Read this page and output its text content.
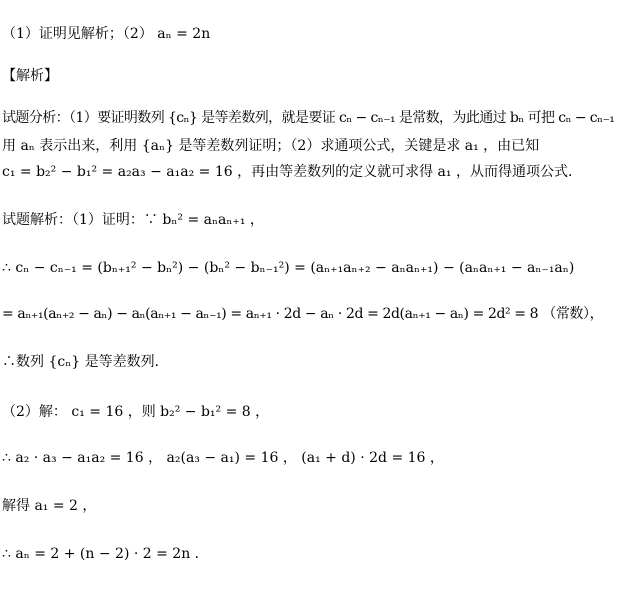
（1）证明见解析；（2） aₙ = 2n
【解析】
试题分析：（1）要证明数列 {cₙ} 是等差数列，就是要证 cₙ − cₙ₋₁ 是常数，为此通过 bₙ 可把 cₙ − cₙ₋₁
用 aₙ 表示出来，利用 {aₙ} 是等差数列证明；（2）求通项公式，关键是求 a₁ ，由已知
c₁ = b₂² − b₁² = a₂a₃ − a₁a₂ = 16 ，再由等差数列的定义就可求得 a₁ ，从而得通项公式．
试题解析：（1）证明：∵ bₙ² = aₙaₙ₊₁ ，
∴ cₙ − cₙ₋₁ = (bₙ₊₁² − bₙ²) − (bₙ² − bₙ₋₁²) = (aₙ₊₁aₙ₊₂ − aₙaₙ₊₁) − (aₙaₙ₊₁ − aₙ₋₁aₙ)
= aₙ₊₁(aₙ₊₂ − aₙ) − aₙ(aₙ₊₁ − aₙ₋₁) = aₙ₊₁ · 2d − aₙ · 2d = 2d(aₙ₊₁ − aₙ) = 2d² = 8 （常数），
∴数列 {cₙ} 是等差数列．
（2）解： c₁ = 16 ，则 b₂² − b₁² = 8 ，
∴ a₂ · a₃ − a₁a₂ = 16 ， a₂(a₃ − a₁) = 16 ， (a₁ + d) · 2d = 16 ，
解得 a₁ = 2 ，
∴ aₙ = 2 + (n − 2) · 2 = 2n ．
